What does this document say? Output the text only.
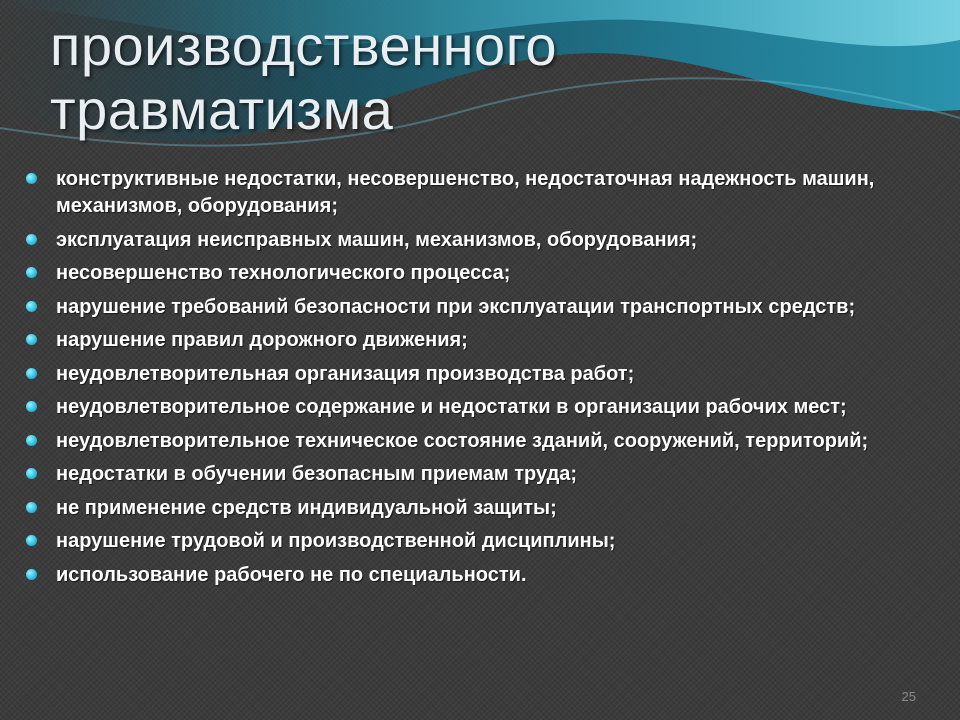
производственного
травматизма
конструктивные недостатки, несовершенство, недостаточная надежность машин, механизмов, оборудования;
эксплуатация неисправных машин, механизмов, оборудования;
несовершенство технологического процесса;
нарушение требований безопасности при эксплуатации транспортных средств;
нарушение правил дорожного движения;
неудовлетворительная организация производства работ;
неудовлетворительное содержание и недостатки в организации рабочих мест;
неудовлетворительное техническое состояние зданий, сооружений, территорий;
недостатки в обучении безопасным приемам труда;
не применение средств индивидуальной защиты;
нарушение трудовой и производственной дисциплины;
использование рабочего не по специальности.
25
